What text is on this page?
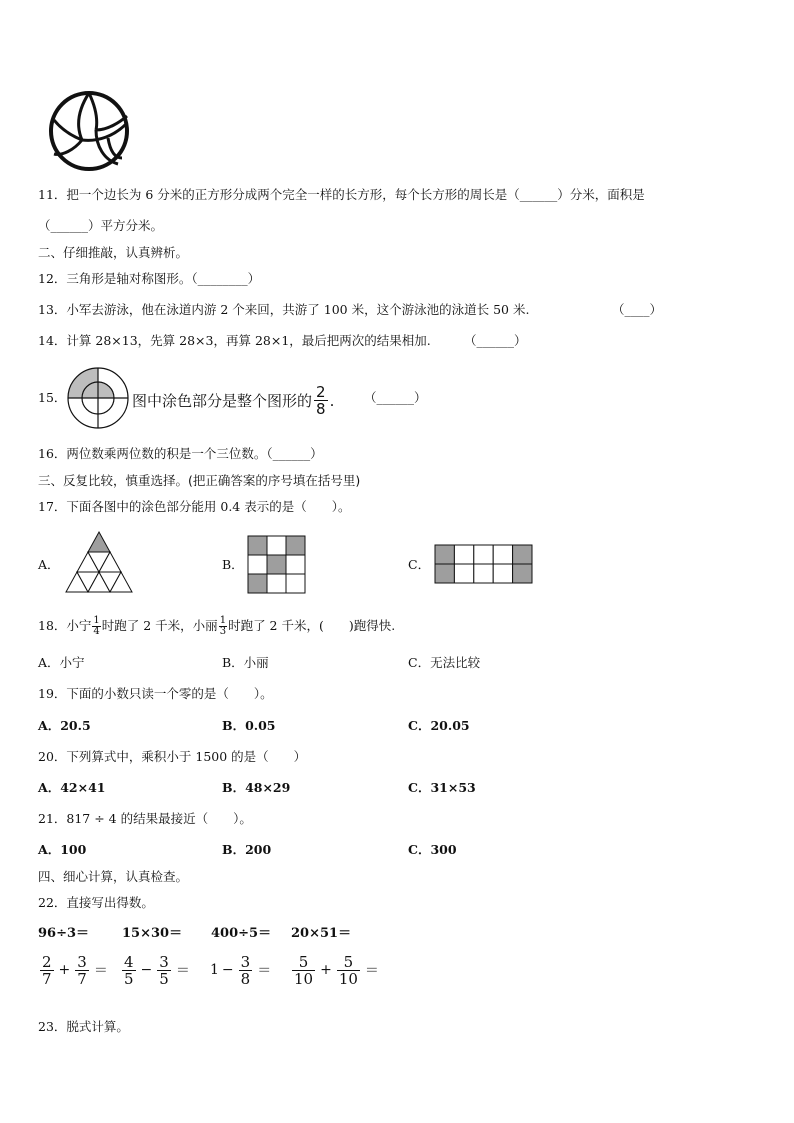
11．把一个边长为 6 分米的正方形分成两个完全一样的长方形，每个长方形的周长是（______）分米，面积是
（______）平方分米。
二、仔细推敲，认真辨析。
12．三角形是轴对称图形。（________）
13．小军去游泳，他在泳道内游 2 个来回，共游了 100 米，这个游泳池的泳道长 50 米.	（____）
14．计算 28×13，先算 28×3，再算 28×1，最后把两次的结果相加.	（______）
15．	图中涂色部分是整个图形的 $\frac{2}{8}$ . （______）
16．两位数乘两位数的积是一个三位数。（______）
三、反复比较，慎重选择。(把正确答案的序号填在括号里)
17．下面各图中的涂色部分能用 0.4 表示的是（　　）。
A．	B．	C．
18．小宁 $\frac{1}{4}$ 时跑了 2 千米，小丽 $\frac{1}{3}$ 时跑了 2 千米，(　　)跑得快.
A．小宁	B．小丽	C．无法比较
19．下面的小数只读一个零的是（　　）。
A．20.5	B．0.05	C．20.05
20．下列算式中，乘积小于 1500 的是（　　）
A．42×41	B．48×29	C．31×53
21．817 ÷ 4 的结果最接近（　　）。
A．100	B．200	C．300
四、细心计算，认真检查。
22．直接写出得数。
96÷3＝	15×30＝ 400÷5＝ 20×51＝
$\frac{2}{7} + \frac{3}{7} = \frac{4}{5} - \frac{3}{5} = 1 - \frac{3}{8} = \frac{5}{10} + \frac{5}{10}$ ＝
23．脱式计算。
